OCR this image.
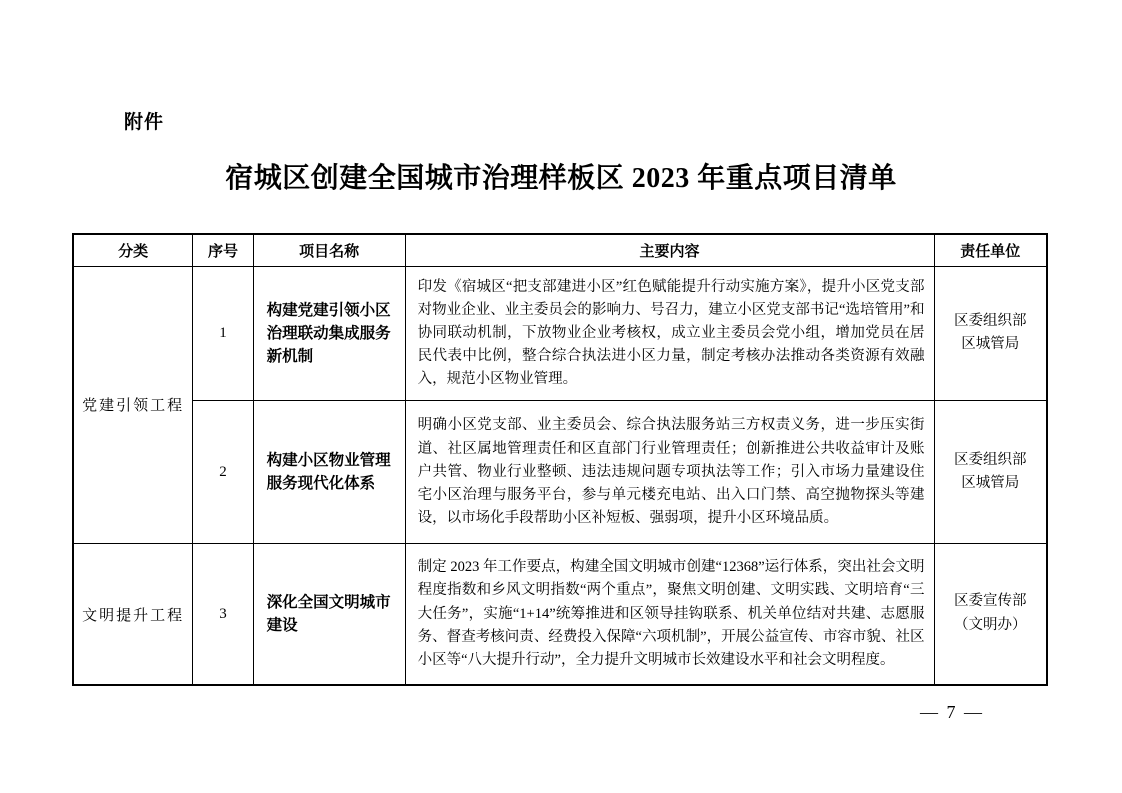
附件
宿城区创建全国城市治理样板区 2023 年重点项目清单
分类	序号	项目名称	主要内容	责任单位
党建引领工程	1	构建党建引领小区治理联动集成服务新机制	印发《宿城区“把支部建进小区”红色赋能提升行动实施方案》，提升小区党支部对物业企业、业主委员会的影响力、号召力，建立小区党支部书记“选培管用”和协同联动机制，下放物业企业考核权，成立业主委员会党小组，增加党员在居民代表中比例，整合综合执法进小区力量，制定考核办法推动各类资源有效融入，规范小区物业管理。	区委组织部
区城管局

	2	构建小区物业管理服务现代化体系	明确小区党支部、业主委员会、综合执法服务站三方权责义务，进一步压实街道、社区属地管理责任和区直部门行业管理责任；创新推进公共收益审计及账户共管、物业行业整顿、违法违规问题专项执法等工作；引入市场力量建设住宅小区治理与服务平台，参与单元楼充电站、出入口门禁、高空抛物探头等建设，以市场化手段帮助小区补短板、强弱项，提升小区环境品质。	区委组织部
区城管局

文明提升工程	3	深化全国文明城市建设	制定 2023 年工作要点，构建全国文明城市创建“12368”运行体系，突出社会文明程度指数和乡风文明指数“两个重点”，聚焦文明创建、文明实践、文明培育“三大任务”，实施“1+14”统筹推进和区领导挂钩联系、机关单位结对共建、志愿服务、督查考核问责、经费投入保障“六项机制”，开展公益宣传、市容市貌、社区小区等“八大提升行动”，全力提升文明城市长效建设水平和社会文明程度。	区委宣传部
（文明办）
— 7 —
